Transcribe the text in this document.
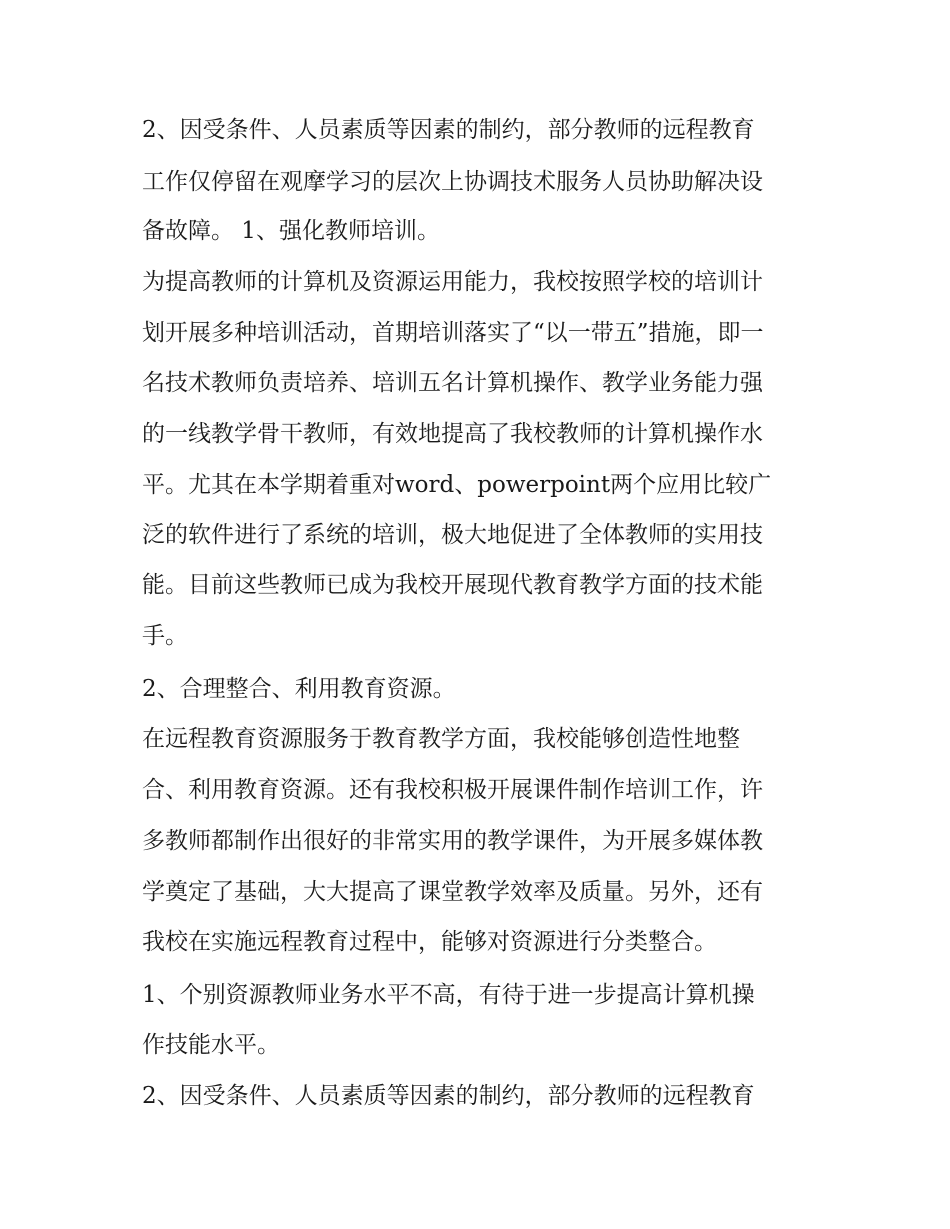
2、因受条件、人员素质等因素的制约，部分教师的远程教育
工作仅停留在观摩学习的层次上协调技术服务人员协助解决设
备故障。 1、强化教师培训。
为提高教师的计算机及资源运用能力，我校按照学校的培训计
划开展多种培训活动，首期培训落实了“以一带五”措施，即一
名技术教师负责培养、培训五名计算机操作、教学业务能力强
的一线教学骨干教师，有效地提高了我校教师的计算机操作水
平。尤其在本学期着重对word、powerpoint两个应用比较广
泛的软件进行了系统的培训，极大地促进了全体教师的实用技
能。目前这些教师已成为我校开展现代教育教学方面的技术能
手。
2、合理整合、利用教育资源。
在远程教育资源服务于教育教学方面，我校能够创造性地整
合、利用教育资源。还有我校积极开展课件制作培训工作，许
多教师都制作出很好的非常实用的教学课件，为开展多媒体教
学奠定了基础，大大提高了课堂教学效率及质量。另外，还有
我校在实施远程教育过程中，能够对资源进行分类整合。
1、个别资源教师业务水平不高，有待于进一步提高计算机操
作技能水平。
2、因受条件、人员素质等因素的制约，部分教师的远程教育
